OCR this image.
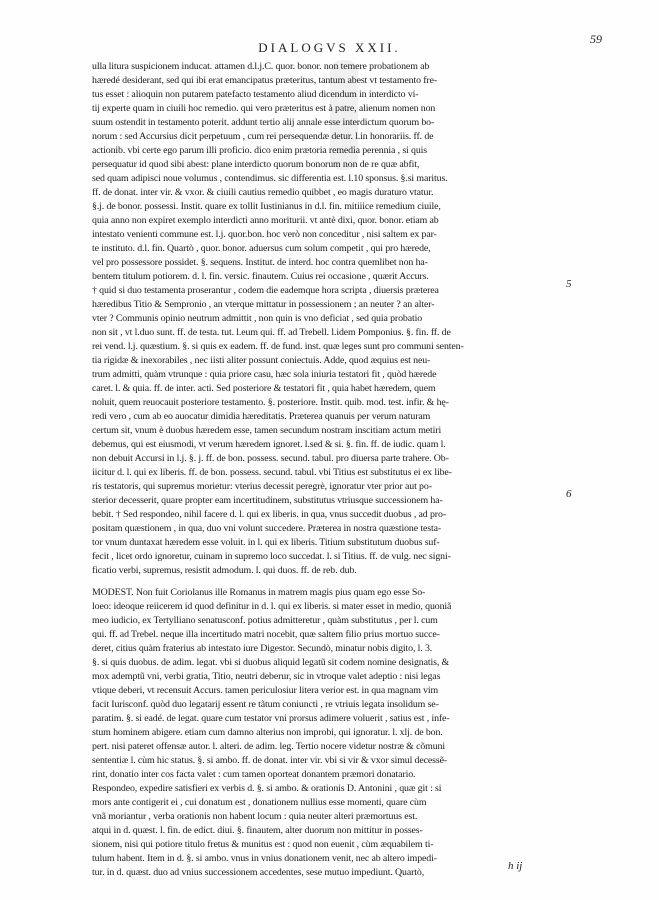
DIALOGVS XXII.
59
ulla litura suspicionem inducat. attamen d.l.j.C. quor. bonor. non temere probationem ab
hæredé desiderant, sed qui ibi erat emancipatus præteritus, tantum abest vt testamento fre-
tus esset : alioquin non putarem patefacto testamento aliud dicendum in interdicto vi-
tij experte quam in ciuili hoc remedio. qui vero præteritus est à patre, alienum nomen non
suum ostendit in testamento poterit. addunt tertio alij annale esse interdictum quorum bo-
norum : sed Accursius dicit perpetuum , cum rei persequendæ detur. l.in honorariis. ff. de
actionib. vbi certe ego parum illi proficio. dico enim prætoria remedia perennia , si quis
persequatur id quod sibi abest: plane interdicto quorum bonorum non de re quæ abfit,
sed quam adipisci noue volumus , contendimus. sic differentia est. l.10 sponsus. §.si maritus.
ff. de donat. inter vir. & vxor. & ciuili cautius remedio quibbet , eo magis duraturo vtatur.
§.j. de bonor. possessi. Instit. quare ex tollit Iustinianus in d.l. fin. mitiiice remedium ciuile,
quia anno non expiret exemplo interdicti anno moriturii. vt antè dixi, quor. bonor. etiam ab
intestato venienti commune est. l.j. quor.bon. hoc verò non conceditur , nisi saltem ex par-
te instituto. d.l. fin. Quartò , quor. bonor. aduersus cum solum competit , qui pro hærede,
vel pro possessore possidet. §. sequens. Institut. de interd. hoc contra quemlibet non ha-
bentem titulum potiorem. d. l. fin. versic. finautem. Cuius rei occasione , quærit Accurs.
† quid si duo testamenta proserantur , codem die eademque hora scripta , diuersis præterea
hæredibus Titio & Sempronio , an vterque mittatur in possessionem ; an neuter ? an alter-
vter ? Communis opinio neutrum admittit , non quin is vno deficiat , sed quia probatio
non sit , vt l.duo sunt. ff. de testa. tut. l.eum qui. ff. ad Trebell. l.idem Pomponius. §. fin. ff. de
rei vend. l.j. quæstium. §. si quis ex eadem. ff. de fund. inst. quæ leges sunt pro communi senten-
tia rigidæ & inexorabiles , nec iisti aliter possunt coniectuis. Adde, quod æquius est neu-
trum admitti, quàm vtrunque : quia priore casu, hæc sola iniuria testatori fit , quòd hærede
caret. l. & quia. ff. de inter. acti. Sed posteriore & testatori fit , quia habet hæredem, quem
noluit, quem reuocauit posteriore testamento. §. posteriore. Instit. quib. mod. test. infir. & hę-
redi vero , cum ab eo auocatur dimidia hæreditatis. Præterea quanuis per verum naturam
certum sit, vnum è duobus hæredem esse, tamen secundum nostram inscitiam actum metiri
debemus, qui est eiusmodi, vt verum hæredem ignoret. l.sed & si. §. fin. ff. de iudic. quam l.
non debuit Accursi in l.j. §. j. ff. de bon. possess. secund. tabul. pro diuersa parte trahere. Ob-
iicitur d. l. qui ex liberis. ff. de bon. possess. secund. tabul. vbi Titius est substitutus ei ex libe-
ris testatoris, qui supremus morietur: vterius decessit peregrè, ignoratur vter prior aut po-
sterior decesserit, quare propter eam incertitudinem, substitutus vtriusque successionem ha-
bebit. † Sed respondeo, nihil facere d. l. qui ex liberis. in qua, vnus succedit duobus , ad pro-
positam quæstionem , in qua, duo vni volunt succedere. Præterea in nostra quæstione testa-
tor vnum duntaxat hæredem esse voluit. in l. qui ex liberis. Titium substitutum duobus suf-
fecit , licet ordo ignoretur, cuinam in supremo loco succedat. l. si Titius. ff. de vulg. nec signi-
ficatio verbi, supremus, resistit admodum. l. qui duos. ff. de reb. dub.
MODEST. Non fuit Coriolanus ille Romanus in matrem magis pius quam ego esse So-
loeo: ideoque reiicerem id quod definitur in d. l. qui ex liberis. si mater esset in medio, quoniã
meo iudicio, ex Tertylliano senatusconf. potius admitteretur , quàm substitutus , per l. cum
qui. ff. ad Trebel. neque illa incertitudo matri nocebit, quæ saltem filio prius mortuo succe-
deret, citius quàm fraterius ab intestato iure Digestor. Secundò, minatur nobis digito, l. 3.
§. si quis duobus. de adim. legat. vbi si duobus aliquid legatũ sit codem nomine designatis, &
mox ademptũ vni, verbi gratia, Titio, neutri deberur, sic in vtroque valet adeptio : nisi legas
vtique deberi, vt recensuit Accurs. tamen periculosiur litera verior est. in qua magnam vim
facit Iurisconf. quòd duo legatarij essent re tãtum coniuncti , re vtriuis legata insolidum se-
paratim. §. si eadé. de legat. quare cum testator vni prorsus adimere voluerit , satius est , infe-
stum hominem abigere. etiam cum damno alterius non improbi, qui ignoratur. l. xlj. de bon.
pert. nisi pateret offensæ autor. l. alteri. de adim. leg. Tertio nocere videtur nostræ & cõmuni
sententiæ l. cùm hic status. §. si ambo. ff. de donat. inter vir. vbi si vir & vxor simul decessẽ-
rint, donatio inter cos facta valet : cum tamen oporteat donantem præmori donatario.
Respondeo, expedire satisfieri ex verbis d. §. si ambo. & orationis D. Antonini , quæ git : si
mors ante contigerit ei , cui donatum est , donationem nullius esse momenti, quare cùm
vnã moriantur , verba orationis non habent locum : quia neuter alteri præmortuus est.
atqui in d. quæst. l. fin. de edict. diui. §. finautem, alter duorum non mittitur in posses-
sionem, nisi qui potiore titulo fretus & munitus est : quod non euenit , cùm æquabilem ti-
tulum habent. Item in d. §. si ambo. vnus in vnius donationem venit, nec ab altero impedi-
tur. in d. quæst. duo ad vnius successionem accedentes, sese mutuo impediunt. Quartò,
5
6
h ij
